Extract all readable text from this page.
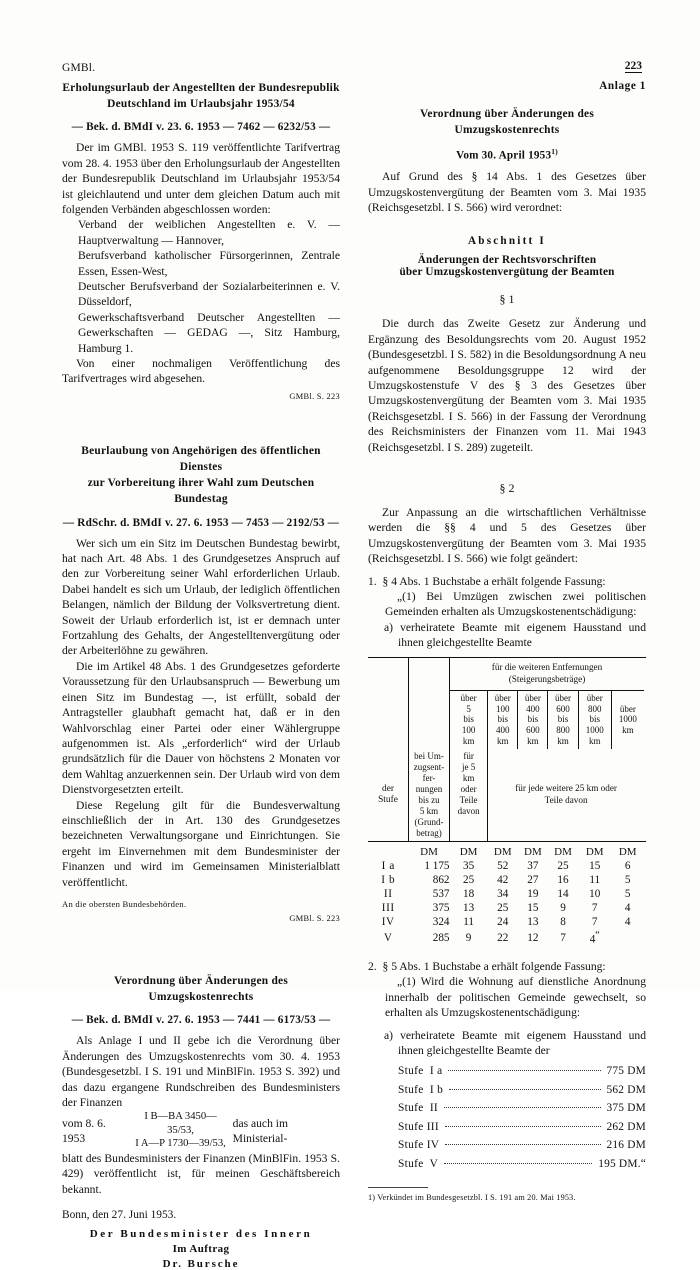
GMBl.	223
Erholungsurlaub der Angestellten der Bundesrepublik
Deutschland im Urlaubsjahr 1953/54
— Bek. d. BMdI v. 23. 6. 1953 — 7462 — 6232/53 —

Der im GMBl. 1953 S. 119 veröffentlichte Tarifvertrag vom 28. 4. 1953 über den Erholungsurlaub der Angestellten der Bundesrepublik Deutschland im Urlaubsjahr 1953/54 ist gleichlautend und unter dem gleichen Datum auch mit folgenden Verbänden abgeschlossen worden:

Verband der weiblichen Angestellten e. V. — Hauptverwaltung — Hannover,
Berufsverband katholischer Fürsorgerinnen, Zentrale Essen, Essen-West,
Deutscher Berufsverband der Sozialarbeiterinnen e. V. Düsseldorf,
Gewerkschaftsverband Deutscher Angestellten — Gewerkschaften — GEDAG —, Sitz Hamburg, Hamburg 1.

Von einer nochmaligen Veröffentlichung des Tarifvertrages wird abgesehen.

GMBl. S. 223
Beurlaubung von Angehörigen des öffentlichen Dienstes
zur Vorbereitung ihrer Wahl zum Deutschen Bundestag
— RdSchr. d. BMdI v. 27. 6. 1953 — 7453 — 2192/53 —

Wer sich um ein Sitz im Deutschen Bundestag bewirbt, hat nach Art. 48 Abs. 1 des Grundgesetzes Anspruch auf den zur Vorbereitung seiner Wahl erforderlichen Urlaub. Dabei handelt es sich um Urlaub, der lediglich öffentlichen Belangen, nämlich der Bildung der Volksvertretung dient. Soweit der Urlaub erforderlich ist, ist er demnach unter Fortzahlung des Gehalts, der Angestelltenvergütung oder der Arbeiterlöhne zu gewähren.

Die im Artikel 48 Abs. 1 des Grundgesetzes geforderte Voraussetzung für den Urlaubsanspruch — Bewerbung um einen Sitz im Bundestag —, ist erfüllt, sobald der Antragsteller glaubhaft gemacht hat, daß er in den Wahlvorschlag einer Partei oder einer Wählergruppe aufgenommen ist. Als „erforderlich“ wird der Urlaub grundsätzlich für die Dauer von höchstens 2 Monaten vor dem Wahltag anzuerkennen sein. Der Urlaub wird von dem Dienstvorgesetzten erteilt.

Diese Regelung gilt für die Bundesverwaltung einschließlich der in Art. 130 des Grundgesetzes bezeichneten Verwaltungsorgane und Einrichtungen. Sie ergeht im Einvernehmen mit dem Bundesminister der Finanzen und wird im Gemeinsamen Ministerialblatt veröffentlicht.

An die obersten Bundesbehörden.
GMBl. S. 223
Verordnung über Änderungen des Umzugskostenrechts
— Bek. d. BMdI v. 27. 6. 1953 — 7441 — 6173/53 —

Als Anlage I und II gebe ich die Verordnung über Änderungen des Umzugskostenrechts vom 30. 4. 1953 (Bundesgesetzbl. I S. 191 und MinBlFin. 1953 S. 392) und das dazu ergangene Rundschreiben des Bundesministers der Finanzen

vom 8. 6. 1953
I B—BA 3450—35/53,
I A—P 1730—39/53,
das auch im Ministerial-

blatt des Bundesministers der Finanzen (MinBlFin. 1953 S. 429) veröffentlicht ist, für meinen Geschäftsbereich bekannt.

Bonn, den 27. Juni 1953.
Der Bundesminister des Innern
Im Auftrag
Dr. Bursche
Anlage 1
Verordnung über Änderungen des Umzugskostenrechts
Vom 30. April 1953$^{1)}$

Auf Grund des § 14 Abs. 1 des Gesetzes über Umzugskostenvergütung der Beamten vom 3. Mai 1935 (Reichsgesetzbl. I S. 566) wird verordnet:

Abschnitt I
Änderungen der Rechtsvorschriften
über Umzugskostenvergütung der Beamten
§ 1

Die durch das Zweite Gesetz zur Änderung und Ergänzung des Besoldungsrechts vom 20. August 1952 (Bundesgesetzbl. I S. 582) in die Besoldungsordnung A neu aufgenommene Besoldungsgruppe 12 wird der Umzugskostenstufe V des § 3 des Gesetzes über Umzugskostenvergütung der Beamten vom 3. Mai 1935 (Reichsgesetzbl. I S. 566) in der Fassung der Verordnung des Reichsministers der Finanzen vom 11. Mai 1943 (Reichsgesetzbl. I S. 289) zugeteilt.

§ 2

Zur Anpassung an die wirtschaftlichen Verhältnisse werden die §§ 4 und 5 des Gesetzes über Umzugskostenvergütung der Beamten vom 3. Mai 1935 (Reichsgesetzbl. I S. 566) wie folgt geändert:

1. § 4 Abs. 1 Buchstabe a erhält folgende Fassung:
„(1) Bei Umzügen zwischen zwei politischen Gemeinden erhalten als Umzugskostenentschädigung:
a) verheiratete Beamte mit eigenem Hausstand und ihnen gleichgestellte Beamte
		für die weiteren Entfernungen
(Steigerungsbeträge)						
		über
5
bis
100
km	über
100
bis
400
km	über
400
bis
600
km	über
600
bis
800
km	über
800
bis
1000
km	über
1000
km	
der
Stufe	bei Um-
zugsent-
fer-
nungen
bis zu
5 km
(Grund-
betrag)	für
je 5
km
oder
Teile
davon	für jede weitere 25 km oder
Teile davon	
	DM	DM	DM	DM	DM	DM	DM	
I a	1 175	35	52	37	25	15	6	
I b	862	25	42	27	16	11	5	
II	537	18	34	19	14	10	5	
III	375	13	25	15	9	7	4	
IV	324	11	24	13	8	7	4	
V	285	9	22	12	7	4“		
2. § 5 Abs. 1 Buchstabe a erhält folgende Fassung:
„(1) Wird die Wohnung auf dienstliche Anordnung innerhalb der politischen Gemeinde gewechselt, so erhalten als Umzugskostenentschädigung:
a) verheiratete Beamte mit eigenem Hausstand und ihnen gleichgestellte Beamte der
Stufe  I a	775 DM
Stufe  I b	562 DM
Stufe  II	375 DM
Stufe III	262 DM
Stufe IV	216 DM
Stufe  V	195 DM.“
1) Verkündet im Bundesgesetzbl. I S. 191 am 20. Mai 1953.
